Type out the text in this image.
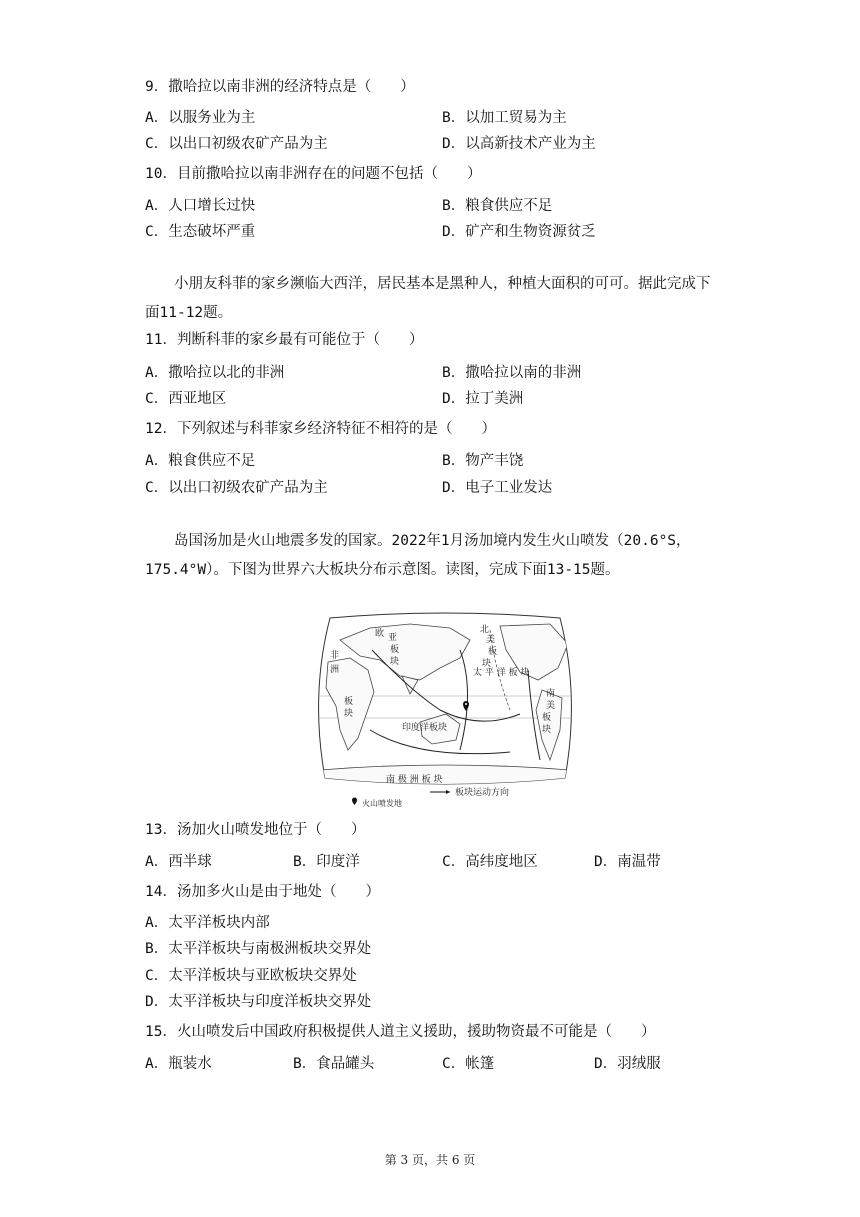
9．撒哈拉以南非洲的经济特点是（　　）
A．以服务业为主	B．以加工贸易为主
C．以出口初级农矿产品为主	D．以高新技术产业为主
10．目前撒哈拉以南非洲存在的问题不包括（　　）
A．人口增长过快	B．粮食供应不足
C．生态破坏严重	D．矿产和生物资源贫乏

小朋友科菲的家乡濒临大西洋，居民基本是黑种人，种植大面积的可可。据此完成下面11-12题。

11．判断科菲的家乡最有可能位于（　　）
A．撒哈拉以北的非洲	B．撒哈拉以南的非洲
C．西亚地区	D．拉丁美洲
12．下列叙述与科菲家乡经济特征不相符的是（　　）
A．粮食供应不足	B．物产丰饶
C．以出口初级农矿产品为主	D．电子工业发达

岛国汤加是火山地震多发的国家。2022年1月汤加境内发生火山喷发（20.6°S，175.4°W）。下图为世界六大板块分布示意图。读图，完成下面13-15题。

欧 亚
板
块
非
洲
板
块
太 平 洋 板 块
北
美
板
块
南
美
板
块
印度洋板块
南 极 洲 板 块
板块运动方向
火山喷发地
13．汤加火山喷发地位于（　　）
A．西半球	B．印度洋	C．高纬度地区	D．南温带
14．汤加多火山是由于地处（　　）
A．太平洋板块内部
B．太平洋板块与南极洲板块交界处
C．太平洋板块与亚欧板块交界处
D．太平洋板块与印度洋板块交界处
15．火山喷发后中国政府积极提供人道主义援助，援助物资最不可能是（　　）
A．瓶装水	B．食品罐头	C．帐篷	D．羽绒服
第 3 页，共 6 页
